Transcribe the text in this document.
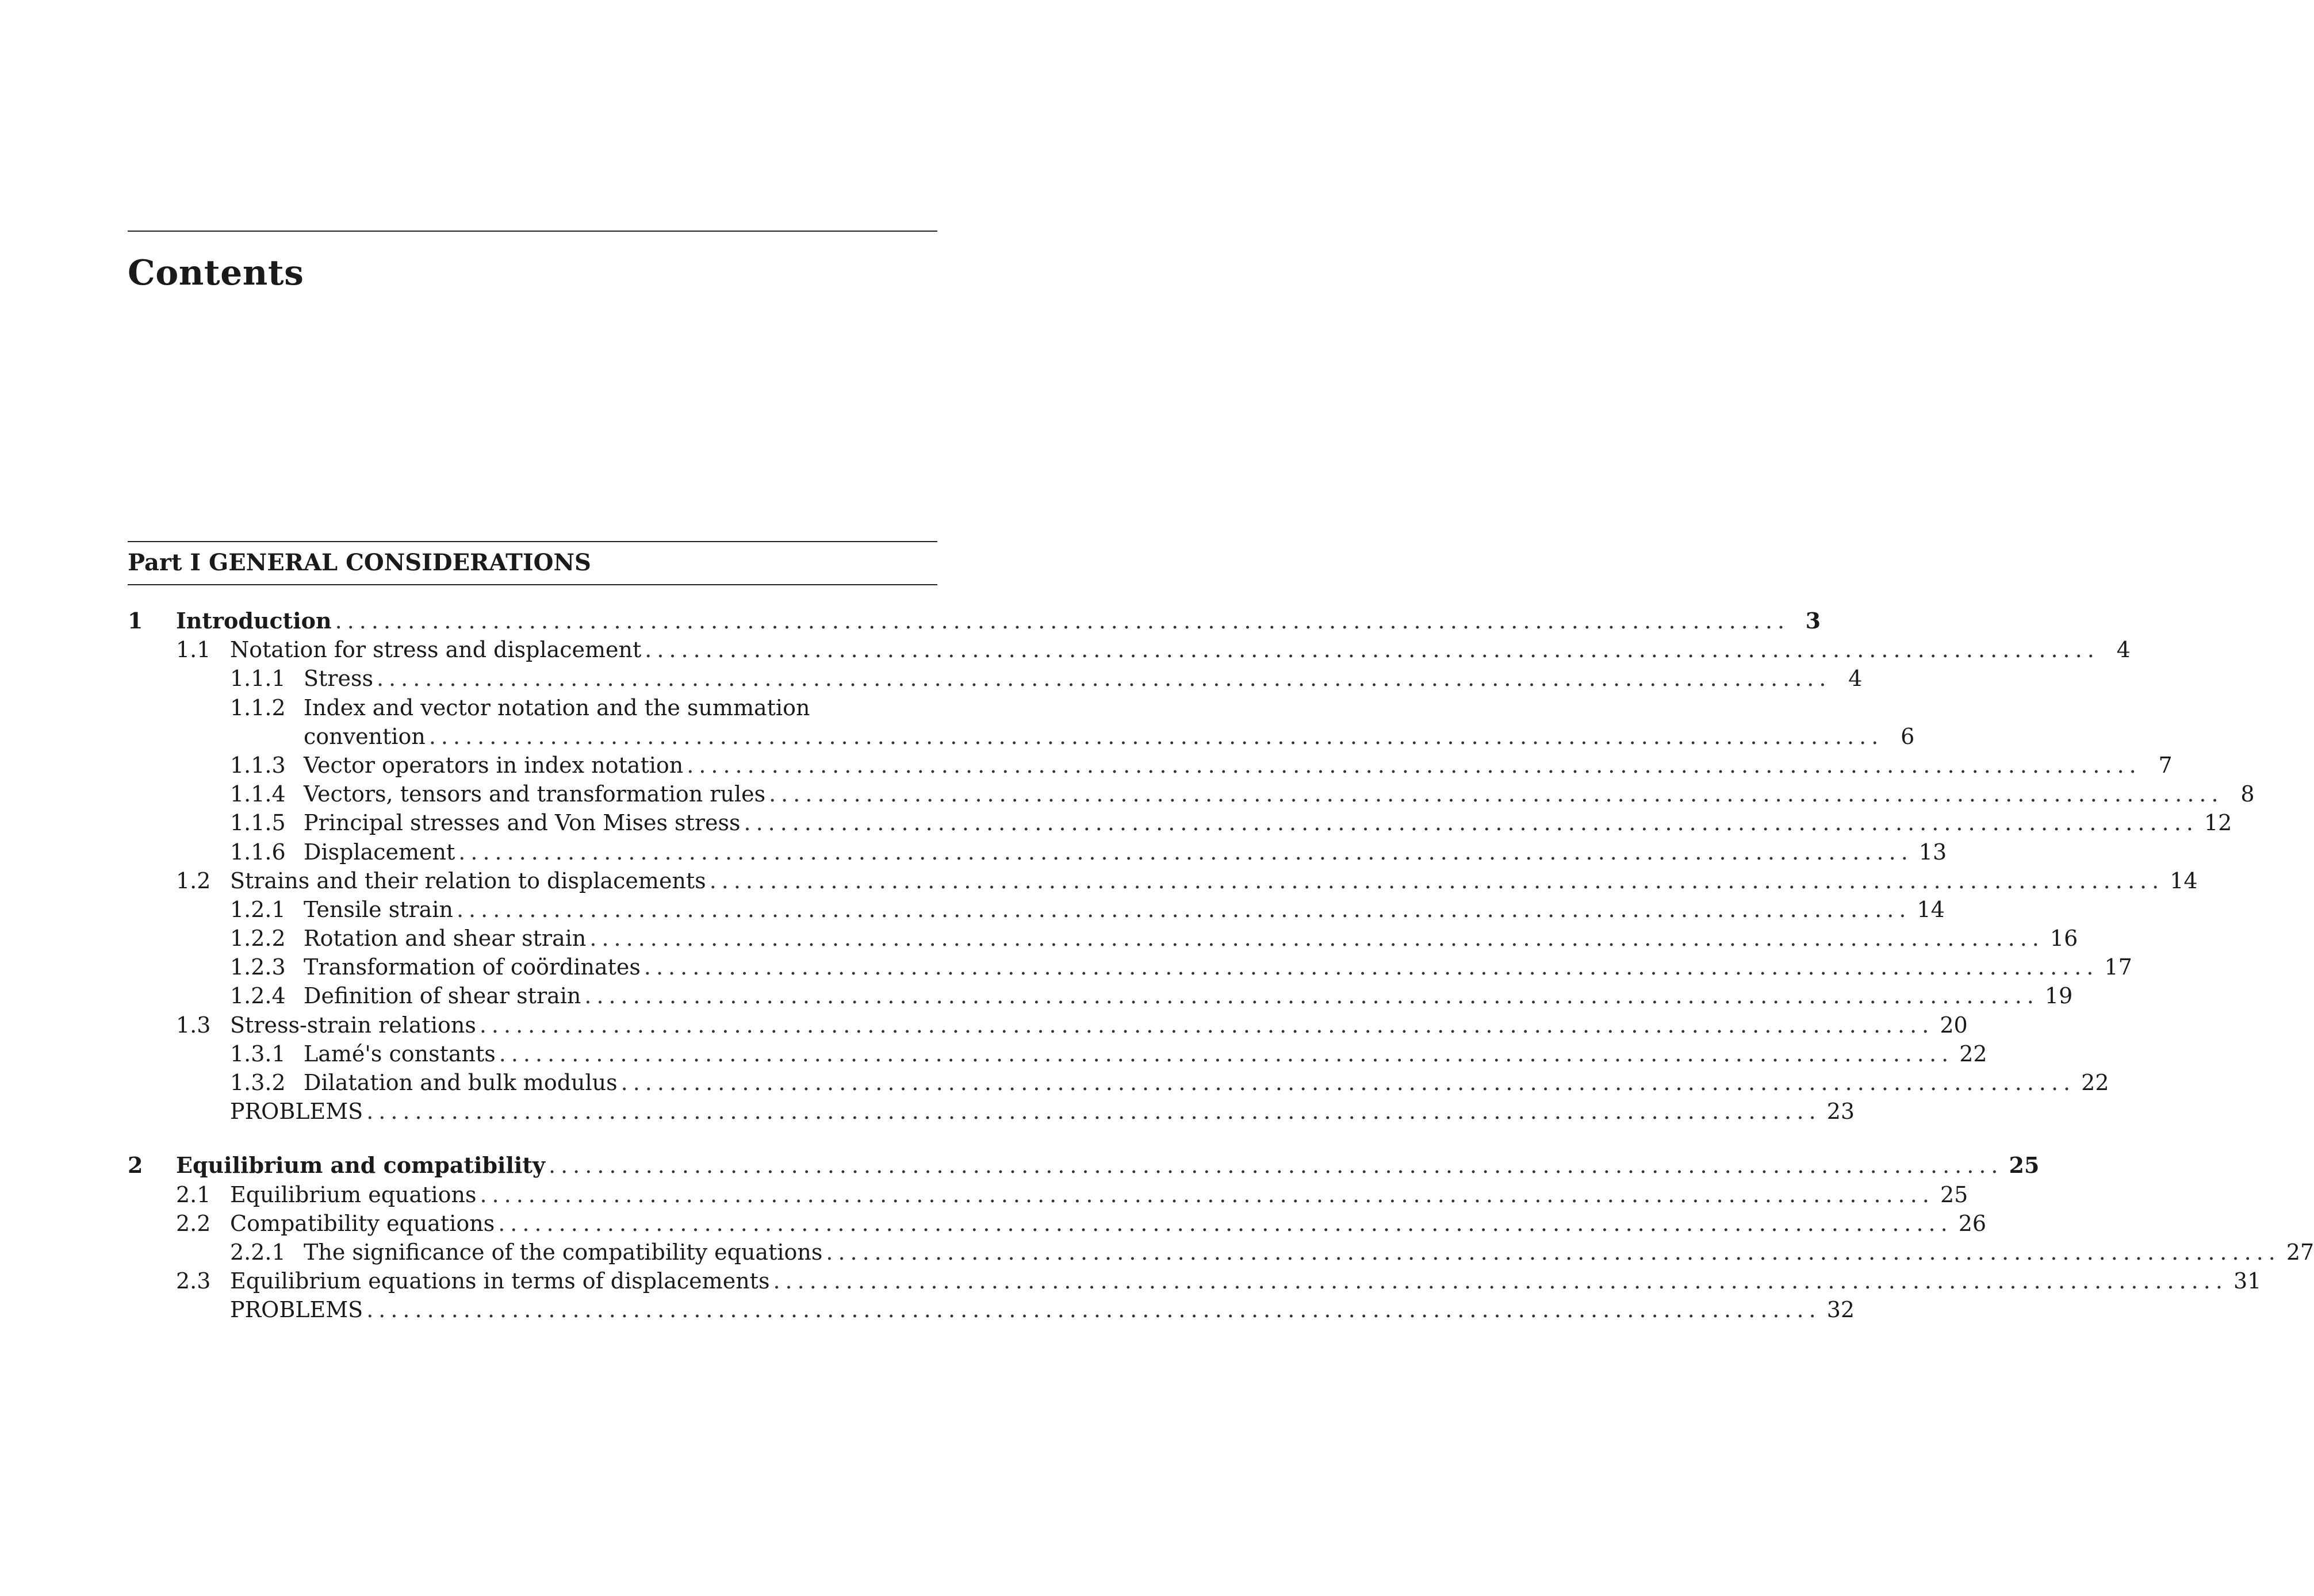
Contents
Part I GENERAL CONSIDERATIONS
1 Introduction ........................................................................................................................ 3
1.1 Notation for stress and displacement ........................................................................................................................ 4
1.1.1 Stress ........................................................................................................................ 4
1.1.2 Index and vector notation and the summation
convention ........................................................................................................................ 6
1.1.3 Vector operators in index notation ........................................................................................................................ 7
1.1.4 Vectors, tensors and transformation rules ........................................................................................................................ 8
1.1.5 Principal stresses and Von Mises stress ........................................................................................................................ 12
1.1.6 Displacement ........................................................................................................................ 13
1.2 Strains and their relation to displacements ........................................................................................................................ 14
1.2.1 Tensile strain ........................................................................................................................ 14
1.2.2 Rotation and shear strain ........................................................................................................................ 16
1.2.3 Transformation of coördinates ........................................................................................................................ 17
1.2.4 Definition of shear strain ........................................................................................................................ 19
1.3 Stress-strain relations ........................................................................................................................ 20
1.3.1 Lamé's constants ........................................................................................................................ 22
1.3.2 Dilatation and bulk modulus ........................................................................................................................ 22
PROBLEMS ........................................................................................................................ 23
2 Equilibrium and compatibility ........................................................................................................................ 25
2.1 Equilibrium equations ........................................................................................................................ 25
2.2 Compatibility equations ........................................................................................................................ 26
2.2.1 The significance of the compatibility equations ........................................................................................................................ 27
2.3 Equilibrium equations in terms of displacements ........................................................................................................................ 31
PROBLEMS ........................................................................................................................ 32
